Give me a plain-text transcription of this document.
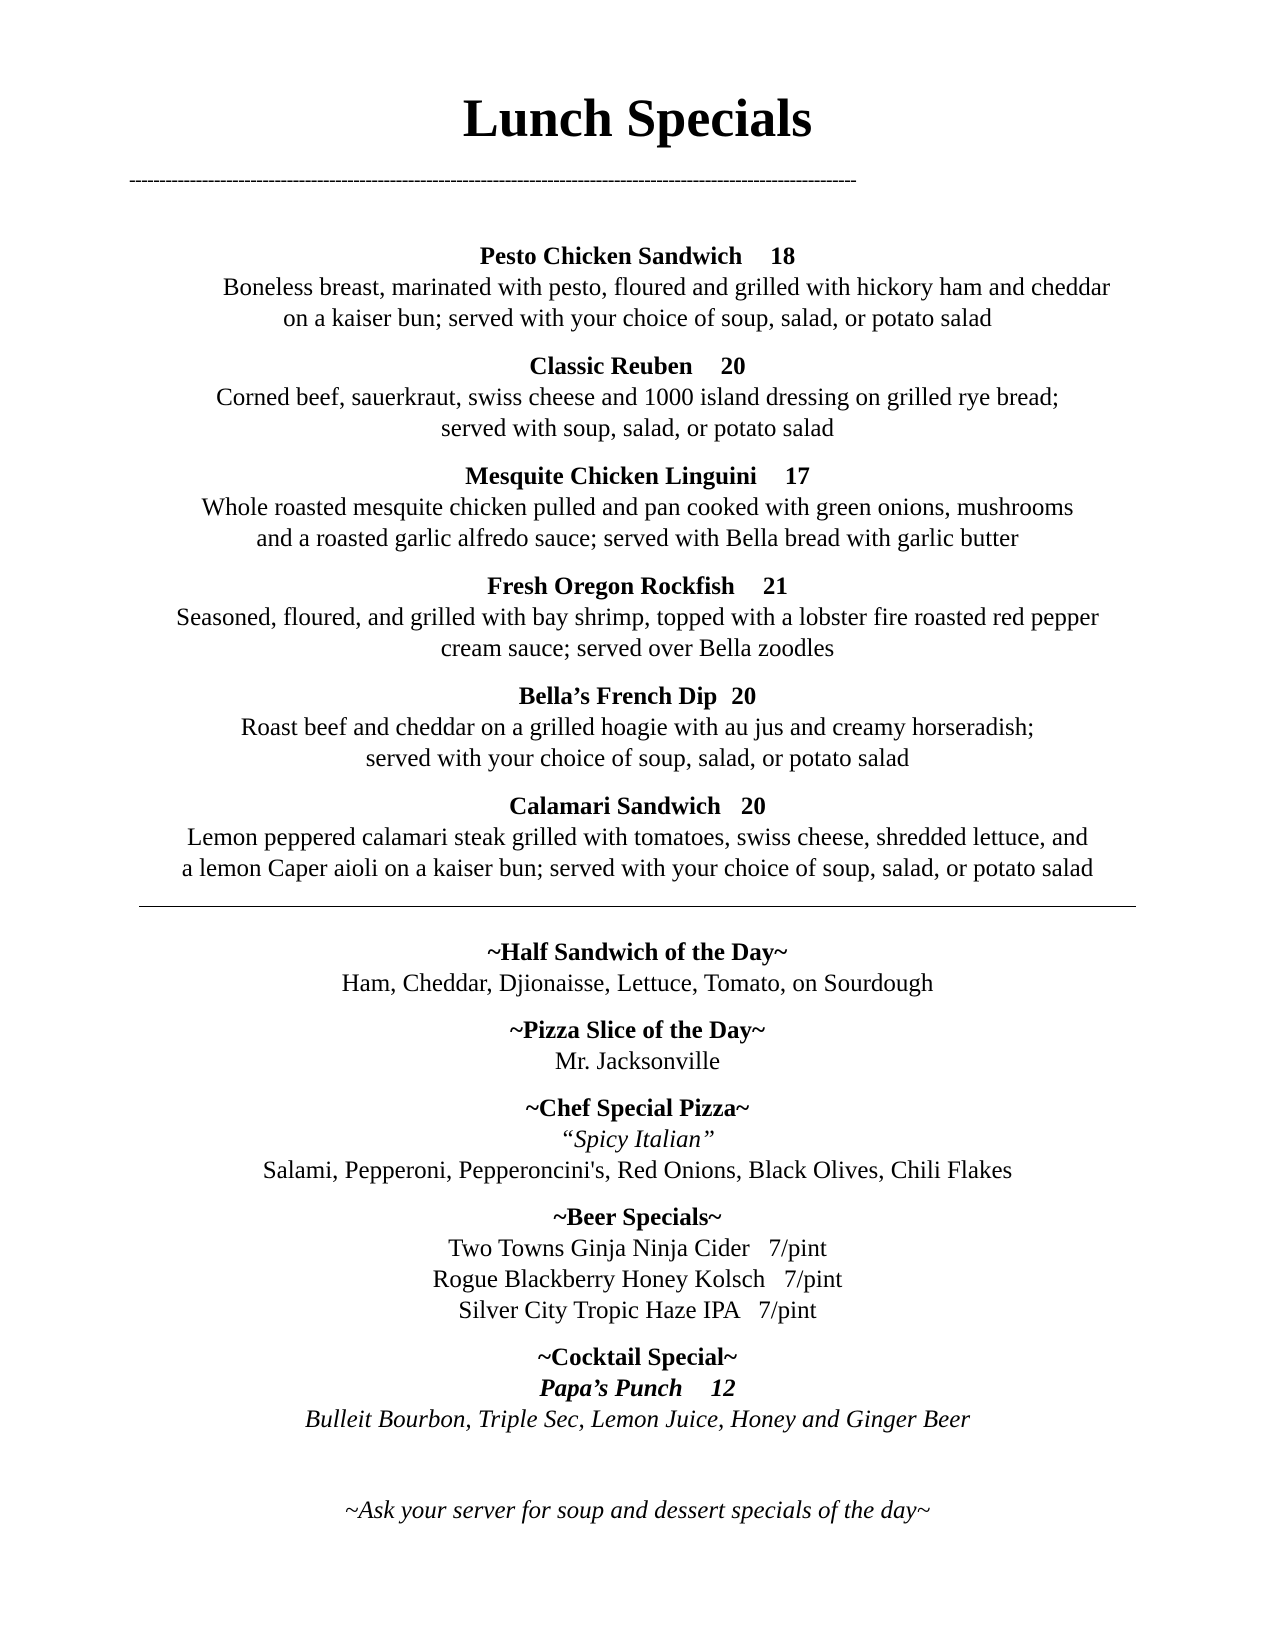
Lunch Specials
------------------------------------------------------------------------------------------------------------------------
Pesto Chicken Sandwich 18
Boneless breast, marinated with pesto, floured and grilled with hickory ham and cheddar
on a kaiser bun; served with your choice of soup, salad, or potato salad
Classic Reuben 20
Corned beef, sauerkraut, swiss cheese and 1000 island dressing on grilled rye bread;
served with soup, salad, or potato salad
Mesquite Chicken Linguini 17
Whole roasted mesquite chicken pulled and pan cooked with green onions, mushrooms
and a roasted garlic alfredo sauce; served with Bella bread with garlic butter
Fresh Oregon Rockfish 21
Seasoned, floured, and grilled with bay shrimp, topped with a lobster fire roasted red pepper
cream sauce; served over Bella zoodles
Bella’s French Dip 20
Roast beef and cheddar on a grilled hoagie with au jus and creamy horseradish;
served with your choice of soup, salad, or potato salad
Calamari Sandwich 20
Lemon peppered calamari steak grilled with tomatoes, swiss cheese, shredded lettuce, and
a lemon Caper aioli on a kaiser bun; served with your choice of soup, salad, or potato salad
~Half Sandwich of the Day~
Ham, Cheddar, Djionaisse, Lettuce, Tomato, on Sourdough
~Pizza Slice of the Day~
Mr. Jacksonville
~Chef Special Pizza~
“Spicy Italian”
Salami, Pepperoni, Pepperoncini's, Red Onions, Black Olives, Chili Flakes
~Beer Specials~
Two Towns Ginja Ninja Cider   7/pint
Rogue Blackberry Honey Kolsch   7/pint
Silver City Tropic Haze IPA   7/pint
~Cocktail Special~
Papa’s Punch 12
Bulleit Bourbon, Triple Sec, Lemon Juice, Honey and Ginger Beer
~Ask your server for soup and dessert specials of the day~
